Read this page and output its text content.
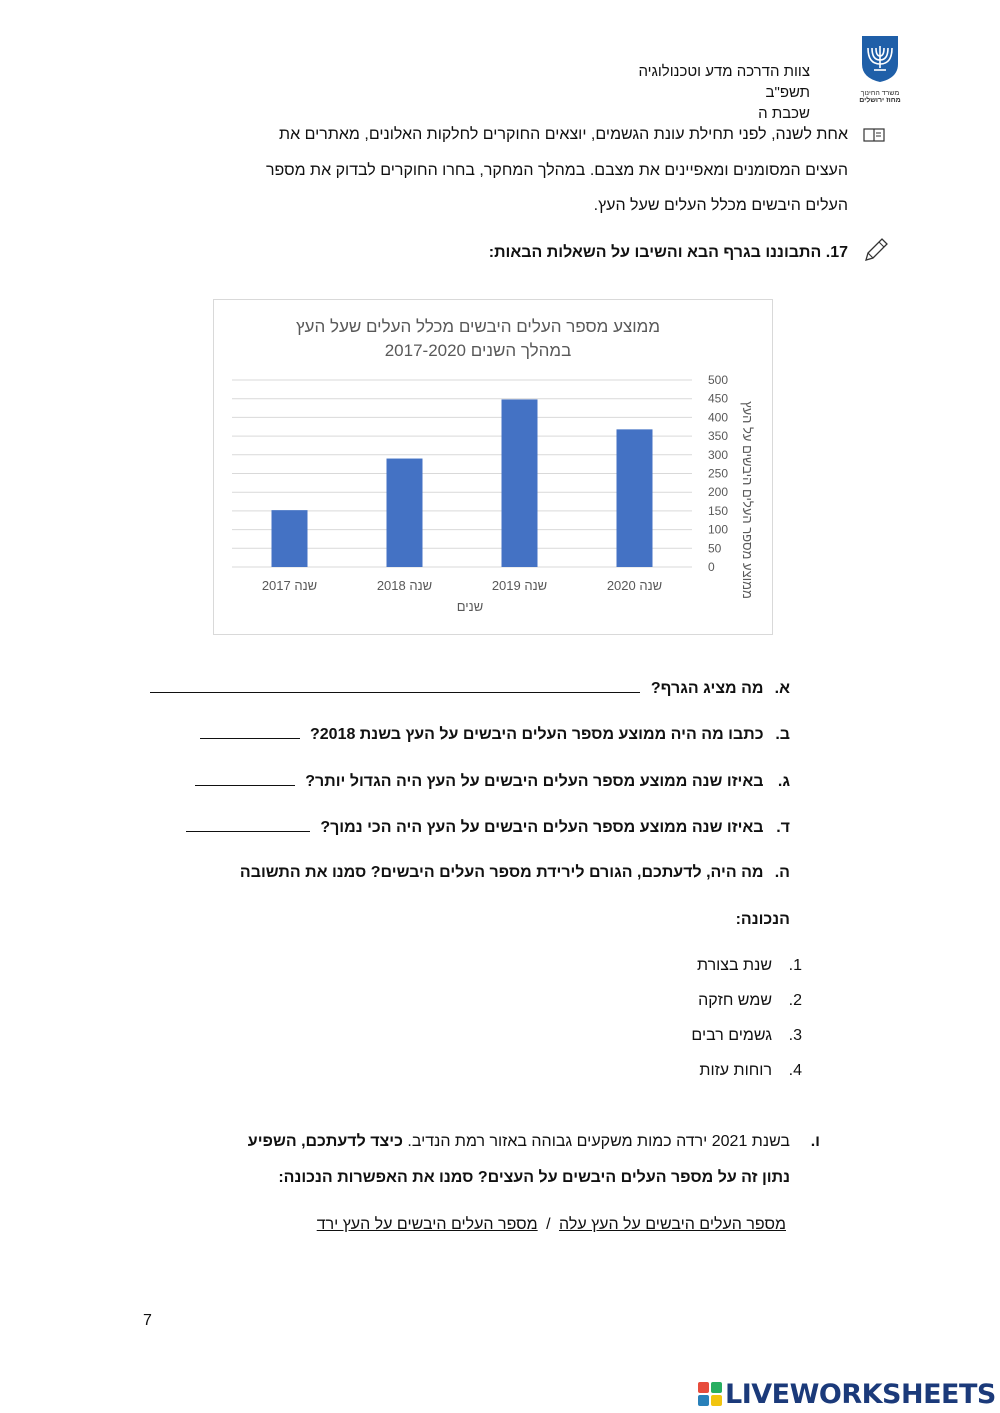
משרד החינוך
מחוז ירושלים
צוות הדרכה מדע וטכנולוגיה
תשפ"ב
שכבת ה
אחת לשנה, לפני תחילת עונת הגשמים, יוצאים החוקרים לחלקות האלונים, מאתרים את
העצים המסומנים ומאפיינים את מצבם. במהלך המחקר, בחרו החוקרים לבדוק את מספר
העלים היבשים מכלל העלים שעל העץ.
17. התבוננו בגרף הבא והשיבו על השאלות הבאות:
ממוצע מספר העלים היבשים מכלל העלים שעל העץ
במהלך השנים 2017-2020
0
50
100
150
200
250
300
350
400
450
500
שנה 2017	שנה 2018	שנה 2019	שנה 2020
שנים
ממוצע מספר העלים היבשים על העץ
א. מה מציג הגרף?
ב. כתבו מה היה ממוצע מספר העלים היבשים על העץ בשנת 2018?
ג. באיזו שנה ממוצע מספר העלים היבשים על העץ היה הגדול יותר?
ד. באיזו שנה ממוצע מספר העלים היבשים על העץ היה הכי נמוך?
ה. מה היה, לדעתכם, הגורם לירידת מספר העלים היבשים? סמנו את התשובה
הנכונה:
1.שנת בצורת
2.שמש חזקה
3.גשמים רבים
4.רוחות עזות
ו.בשנת 2021 ירדה כמות משקעים גבוהה באזור רמת הנדיב. כיצד לדעתכם, השפיע
נתון זה על מספר העלים היבשים על העצים? סמנו את האפשרות הנכונה:
מספר העלים היבשים על העץ עלה / מספר העלים היבשים על העץ ירד
7
LIVEWORKSHEETS
